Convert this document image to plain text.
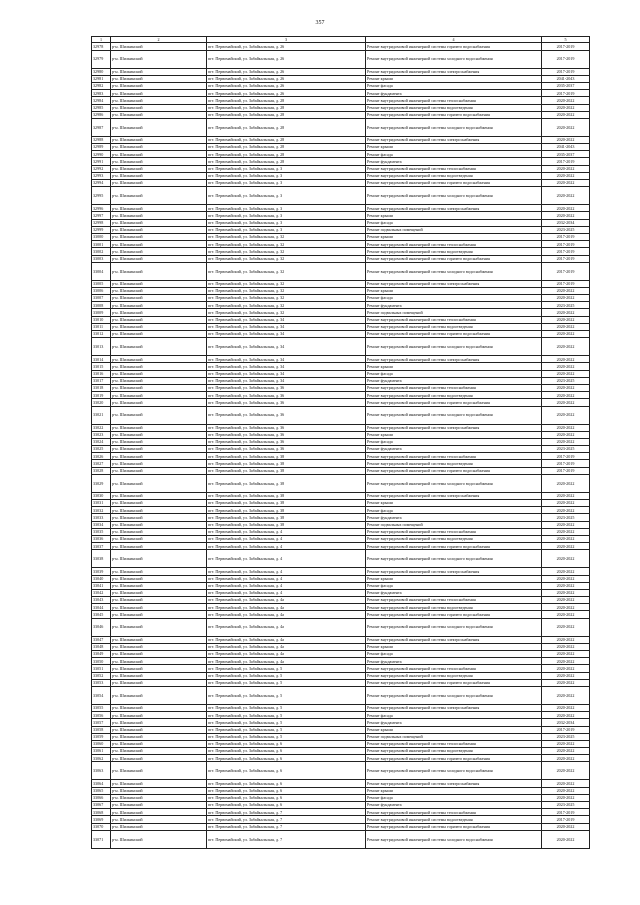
357
1	2	3	4	5
32978	р-н. Шилкинский	пгт. Первомайский, ул. Забайкальская, д. 26	Ремонт внутридомовой инженерной системы горячего водоснабжения	2017-2019
32979	р-н. Шилкинский	пгт. Первомайский, ул. Забайкальская, д. 26	Ремонт внутридомовой инженерной системы холодного водоснабжения	2017-2019
32980	р-н. Шилкинский	пгт. Первомайский, ул. Забайкальская, д. 26	Ремонт внутридомовой инженерной системы электроснабжения	2017-2019
32981	р-н. Шилкинский	пгт. Первомайский, ул. Забайкальская, д. 26	Ремонт крыши	2041-2043
32982	р-н. Шилкинский	пгт. Первомайский, ул. Забайкальская, д. 26	Ремонт фасада	2035-2037
32983	р-н. Шилкинский	пгт. Первомайский, ул. Забайкальская, д. 26	Ремонт фундамента	2017-2019
32984	р-н. Шилкинский	пгт. Первомайский, ул. Забайкальская, д. 28	Ремонт внутридомовой инженерной системы теплоснабжения	2020-2022
32985	р-н. Шилкинский	пгт. Первомайский, ул. Забайкальская, д. 28	Ремонт внутридомовой инженерной системы водоотведения	2020-2022
32986	р-н. Шилкинский	пгт. Первомайский, ул. Забайкальская, д. 28	Ремонт внутридомовой инженерной системы горячего водоснабжения	2020-2022
32987	р-н. Шилкинский	пгт. Первомайский, ул. Забайкальская, д. 28	Ремонт внутридомовой инженерной системы холодного водоснабжения	2020-2022
32988	р-н. Шилкинский	пгт. Первомайский, ул. Забайкальская, д. 28	Ремонт внутридомовой инженерной системы электроснабжения	2020-2022
32989	р-н. Шилкинский	пгт. Первомайский, ул. Забайкальская, д. 28	Ремонт крыши	2041-2043
32990	р-н. Шилкинский	пгт. Первомайский, ул. Забайкальская, д. 28	Ремонт фасада	2035-2037
32991	р-н. Шилкинский	пгт. Первомайский, ул. Забайкальская, д. 28	Ремонт фундамента	2017-2019
32992	р-н. Шилкинский	пгт. Первомайский, ул. Забайкальская, д. 3	Ремонт внутридомовой инженерной системы теплоснабжения	2020-2022
32993	р-н. Шилкинский	пгт. Первомайский, ул. Забайкальская, д. 3	Ремонт внутридомовой инженерной системы водоотведения	2020-2022
32994	р-н. Шилкинский	пгт. Первомайский, ул. Забайкальская, д. 3	Ремонт внутридомовой инженерной системы горячего водоснабжения	2020-2022
32995	р-н. Шилкинский	пгт. Первомайский, ул. Забайкальская, д. 3	Ремонт внутридомовой инженерной системы холодного водоснабжения	2020-2022
32996	р-н. Шилкинский	пгт. Первомайский, ул. Забайкальская, д. 3	Ремонт внутридомовой инженерной системы электроснабжения	2020-2022
32997	р-н. Шилкинский	пгт. Первомайский, ул. Забайкальская, д. 3	Ремонт крыши	2020-2022
32998	р-н. Шилкинский	пгт. Первомайский, ул. Забайкальская, д. 3	Ремонт фасада	2032-2034
32999	р-н. Шилкинский	пгт. Первомайский, ул. Забайкальская, д. 3	Ремонт подвальных помещений	2023-2025
33000	р-н. Шилкинский	пгт. Первомайский, ул. Забайкальская, д. 32	Ремонт крыши	2017-2019
33001	р-н. Шилкинский	пгт. Первомайский, ул. Забайкальская, д. 32	Ремонт внутридомовой инженерной системы теплоснабжения	2017-2019
33002	р-н. Шилкинский	пгт. Первомайский, ул. Забайкальская, д. 32	Ремонт внутридомовой инженерной системы водоотведения	2017-2019
33003	р-н. Шилкинский	пгт. Первомайский, ул. Забайкальская, д. 32	Ремонт внутридомовой инженерной системы горячего водоснабжения	2017-2019
33004	р-н. Шилкинский	пгт. Первомайский, ул. Забайкальская, д. 32	Ремонт внутридомовой инженерной системы холодного водоснабжения	2017-2019
33005	р-н. Шилкинский	пгт. Первомайский, ул. Забайкальская, д. 32	Ремонт внутридомовой инженерной системы электроснабжения	2017-2019
33006	р-н. Шилкинский	пгт. Первомайский, ул. Забайкальская, д. 32	Ремонт крыши	2020-2022
33007	р-н. Шилкинский	пгт. Первомайский, ул. Забайкальская, д. 32	Ремонт фасада	2020-2022
33008	р-н. Шилкинский	пгт. Первомайский, ул. Забайкальская, д. 32	Ремонт фундамента	2023-2025
33009	р-н. Шилкинский	пгт. Первомайский, ул. Забайкальская, д. 32	Ремонт подвальных помещений	2020-2022
33010	р-н. Шилкинский	пгт. Первомайский, ул. Забайкальская, д. 34	Ремонт внутридомовой инженерной системы теплоснабжения	2020-2022
33011	р-н. Шилкинский	пгт. Первомайский, ул. Забайкальская, д. 34	Ремонт внутридомовой инженерной системы водоотведения	2020-2022
33012	р-н. Шилкинский	пгт. Первомайский, ул. Забайкальская, д. 34	Ремонт внутридомовой инженерной системы горячего водоснабжения	2020-2022
33013	р-н. Шилкинский	пгт. Первомайский, ул. Забайкальская, д. 34	Ремонт внутридомовой инженерной системы холодного водоснабжения	2020-2022
33014	р-н. Шилкинский	пгт. Первомайский, ул. Забайкальская, д. 34	Ремонт внутридомовой инженерной системы электроснабжения	2020-2022
33015	р-н. Шилкинский	пгт. Первомайский, ул. Забайкальская, д. 34	Ремонт крыши	2020-2022
33016	р-н. Шилкинский	пгт. Первомайский, ул. Забайкальская, д. 34	Ремонт фасада	2020-2022
33017	р-н. Шилкинский	пгт. Первомайский, ул. Забайкальская, д. 34	Ремонт фундамента	2023-2025
33018	р-н. Шилкинский	пгт. Первомайский, ул. Забайкальская, д. 36	Ремонт внутридомовой инженерной системы теплоснабжения	2020-2022
33019	р-н. Шилкинский	пгт. Первомайский, ул. Забайкальская, д. 36	Ремонт внутридомовой инженерной системы водоотведения	2020-2022
33020	р-н. Шилкинский	пгт. Первомайский, ул. Забайкальская, д. 36	Ремонт внутридомовой инженерной системы горячего водоснабжения	2020-2022
33021	р-н. Шилкинский	пгт. Первомайский, ул. Забайкальская, д. 36	Ремонт внутридомовой инженерной системы холодного водоснабжения	2020-2022
33022	р-н. Шилкинский	пгт. Первомайский, ул. Забайкальская, д. 36	Ремонт внутридомовой инженерной системы электроснабжения	2020-2022
33023	р-н. Шилкинский	пгт. Первомайский, ул. Забайкальская, д. 36	Ремонт крыши	2020-2022
33024	р-н. Шилкинский	пгт. Первомайский, ул. Забайкальская, д. 36	Ремонт фасада	2020-2022
33025	р-н. Шилкинский	пгт. Первомайский, ул. Забайкальская, д. 36	Ремонт фундамента	2023-2025
33026	р-н. Шилкинский	пгт. Первомайский, ул. Забайкальская, д. 38	Ремонт внутридомовой инженерной системы теплоснабжения	2017-2019
33027	р-н. Шилкинский	пгт. Первомайский, ул. Забайкальская, д. 38	Ремонт внутридомовой инженерной системы водоотведения	2017-2019
33028	р-н. Шилкинский	пгт. Первомайский, ул. Забайкальская, д. 38	Ремонт внутридомовой инженерной системы горячего водоснабжения	2017-2019
33029	р-н. Шилкинский	пгт. Первомайский, ул. Забайкальская, д. 38	Ремонт внутридомовой инженерной системы холодного водоснабжения	2020-2022
33030	р-н. Шилкинский	пгт. Первомайский, ул. Забайкальская, д. 38	Ремонт внутридомовой инженерной системы электроснабжения	2020-2022
33031	р-н. Шилкинский	пгт. Первомайский, ул. Забайкальская, д. 38	Ремонт крыши	2020-2022
33032	р-н. Шилкинский	пгт. Первомайский, ул. Забайкальская, д. 38	Ремонт фасада	2020-2022
33033	р-н. Шилкинский	пгт. Первомайский, ул. Забайкальская, д. 38	Ремонт фундамента	2023-2025
33034	р-н. Шилкинский	пгт. Первомайский, ул. Забайкальская, д. 38	Ремонт подвальных помещений	2020-2022
33035	р-н. Шилкинский	пгт. Первомайский, ул. Забайкальская, д. 4	Ремонт внутридомовой инженерной системы теплоснабжения	2020-2022
33036	р-н. Шилкинский	пгт. Первомайский, ул. Забайкальская, д. 4	Ремонт внутридомовой инженерной системы водоотведения	2020-2022
33037	р-н. Шилкинский	пгт. Первомайский, ул. Забайкальская, д. 4	Ремонт внутридомовой инженерной системы горячего водоснабжения	2020-2022
33038	р-н. Шилкинский	пгт. Первомайский, ул. Забайкальская, д. 4	Ремонт внутридомовой инженерной системы холодного водоснабжения	2020-2022
33039	р-н. Шилкинский	пгт. Первомайский, ул. Забайкальская, д. 4	Ремонт внутридомовой инженерной системы электроснабжения	2020-2022
33040	р-н. Шилкинский	пгт. Первомайский, ул. Забайкальская, д. 4	Ремонт крыши	2020-2022
33041	р-н. Шилкинский	пгт. Первомайский, ул. Забайкальская, д. 4	Ремонт фасада	2020-2022
33042	р-н. Шилкинский	пгт. Первомайский, ул. Забайкальская, д. 4	Ремонт фундамента	2020-2022
33043	р-н. Шилкинский	пгт. Первомайский, ул. Забайкальская, д. 4а	Ремонт внутридомовой инженерной системы теплоснабжения	2020-2022
33044	р-н. Шилкинский	пгт. Первомайский, ул. Забайкальская, д. 4а	Ремонт внутридомовой инженерной системы водоотведения	2020-2022
33045	р-н. Шилкинский	пгт. Первомайский, ул. Забайкальская, д. 4а	Ремонт внутридомовой инженерной системы горячего водоснабжения	2020-2022
33046	р-н. Шилкинский	пгт. Первомайский, ул. Забайкальская, д. 4а	Ремонт внутридомовой инженерной системы холодного водоснабжения	2020-2022
33047	р-н. Шилкинский	пгт. Первомайский, ул. Забайкальская, д. 4а	Ремонт внутридомовой инженерной системы электроснабжения	2020-2022
33048	р-н. Шилкинский	пгт. Первомайский, ул. Забайкальская, д. 4а	Ремонт крыши	2020-2022
33049	р-н. Шилкинский	пгт. Первомайский, ул. Забайкальская, д. 4а	Ремонт фасада	2020-2022
33050	р-н. Шилкинский	пгт. Первомайский, ул. Забайкальская, д. 4а	Ремонт фундамента	2020-2022
33051	р-н. Шилкинский	пгт. Первомайский, ул. Забайкальская, д. 5	Ремонт внутридомовой инженерной системы теплоснабжения	2020-2022
33052	р-н. Шилкинский	пгт. Первомайский, ул. Забайкальская, д. 5	Ремонт внутридомовой инженерной системы водоотведения	2020-2022
33053	р-н. Шилкинский	пгт. Первомайский, ул. Забайкальская, д. 5	Ремонт внутридомовой инженерной системы горячего водоснабжения	2020-2022
33054	р-н. Шилкинский	пгт. Первомайский, ул. Забайкальская, д. 5	Ремонт внутридомовой инженерной системы холодного водоснабжения	2020-2022
33055	р-н. Шилкинский	пгт. Первомайский, ул. Забайкальская, д. 5	Ремонт внутридомовой инженерной системы электроснабжения	2020-2022
33056	р-н. Шилкинский	пгт. Первомайский, ул. Забайкальская, д. 5	Ремонт фасада	2020-2022
33057	р-н. Шилкинский	пгт. Первомайский, ул. Забайкальская, д. 5	Ремонт фундамента	2032-2034
33058	р-н. Шилкинский	пгт. Первомайский, ул. Забайкальская, д. 5	Ремонт крыши	2017-2019
33059	р-н. Шилкинский	пгт. Первомайский, ул. Забайкальская, д. 5	Ремонт подвальных помещений	2023-2025
33060	р-н. Шилкинский	пгт. Первомайский, ул. Забайкальская, д. 6	Ремонт внутридомовой инженерной системы теплоснабжения	2020-2022
33061	р-н. Шилкинский	пгт. Первомайский, ул. Забайкальская, д. 6	Ремонт внутридомовой инженерной системы водоотведения	2020-2022
33062	р-н. Шилкинский	пгт. Первомайский, ул. Забайкальская, д. 6	Ремонт внутридомовой инженерной системы горячего водоснабжения	2020-2022
33063	р-н. Шилкинский	пгт. Первомайский, ул. Забайкальская, д. 6	Ремонт внутридомовой инженерной системы холодного водоснабжения	2020-2022
33064	р-н. Шилкинский	пгт. Первомайский, ул. Забайкальская, д. 6	Ремонт внутридомовой инженерной системы электроснабжения	2020-2022
33065	р-н. Шилкинский	пгт. Первомайский, ул. Забайкальская, д. 6	Ремонт крыши	2020-2022
33066	р-н. Шилкинский	пгт. Первомайский, ул. Забайкальская, д. 6	Ремонт фасада	2020-2022
33067	р-н. Шилкинский	пгт. Первомайский, ул. Забайкальская, д. 6	Ремонт фундамента	2023-2025
33068	р-н. Шилкинский	пгт. Первомайский, ул. Забайкальская, д. 7	Ремонт внутридомовой инженерной системы теплоснабжения	2017-2019
33069	р-н. Шилкинский	пгт. Первомайский, ул. Забайкальская, д. 7	Ремонт внутридомовой инженерной системы водоотведения	2017-2019
33070	р-н. Шилкинский	пгт. Первомайский, ул. Забайкальская, д. 7	Ремонт внутридомовой инженерной системы горячего водоснабжения	2020-2022
33071	р-н. Шилкинский	пгт. Первомайский, ул. Забайкальская, д. 7	Ремонт внутридомовой инженерной системы холодного водоснабжения	2020-2022
